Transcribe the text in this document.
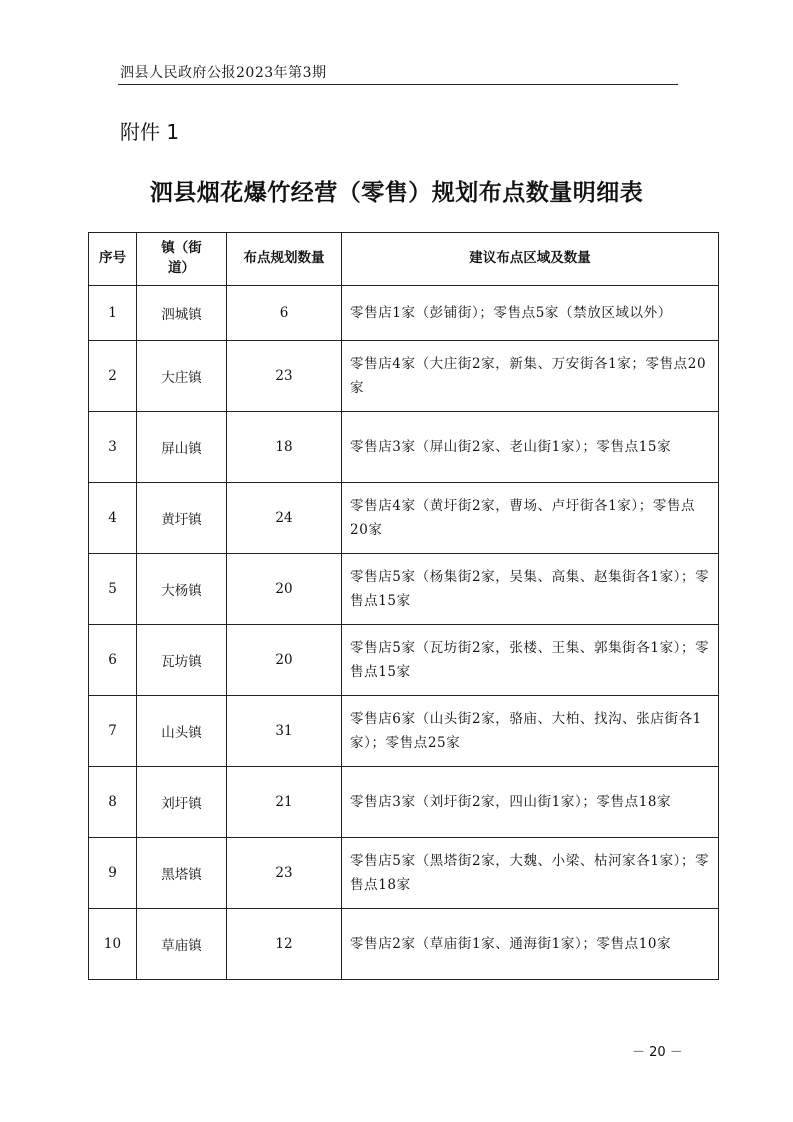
泗县人民政府公报2023年第3期
附件 1
泗县烟花爆竹经营（零售）规划布点数量明细表
序号	镇（街道）	布点规划数量	建议布点区域及数量
1	泗城镇	6	零售店1家（彭铺街）；零售点5家（禁放区域以外）
2	大庄镇	23	零售店4家（大庄街2家，新集、万安街各1家；零售点20家
3	屏山镇	18	零售店3家（屏山街2家、老山街1家）；零售点15家
4	黄圩镇	24	零售店4家（黄圩街2家，曹场、卢圩街各1家）；零售点20家
5	大杨镇	20	零售店5家（杨集街2家，吴集、高集、赵集街各1家）；零售点15家
6	瓦坊镇	20	零售店5家（瓦坊街2家，张楼、王集、郭集街各1家）；零售点15家
7	山头镇	31	零售店6家（山头街2家，骆庙、大柏、找沟、张店街各1家）；零售点25家
8	刘圩镇	21	零售店3家（刘圩街2家，四山街1家）；零售点18家
9	黑塔镇	23	零售店5家（黑塔街2家，大魏、小梁、枯河家各1家）；零售点18家
10	草庙镇	12	零售店2家（草庙街1家、通海街1家）；零售点10家
－ 20 －
